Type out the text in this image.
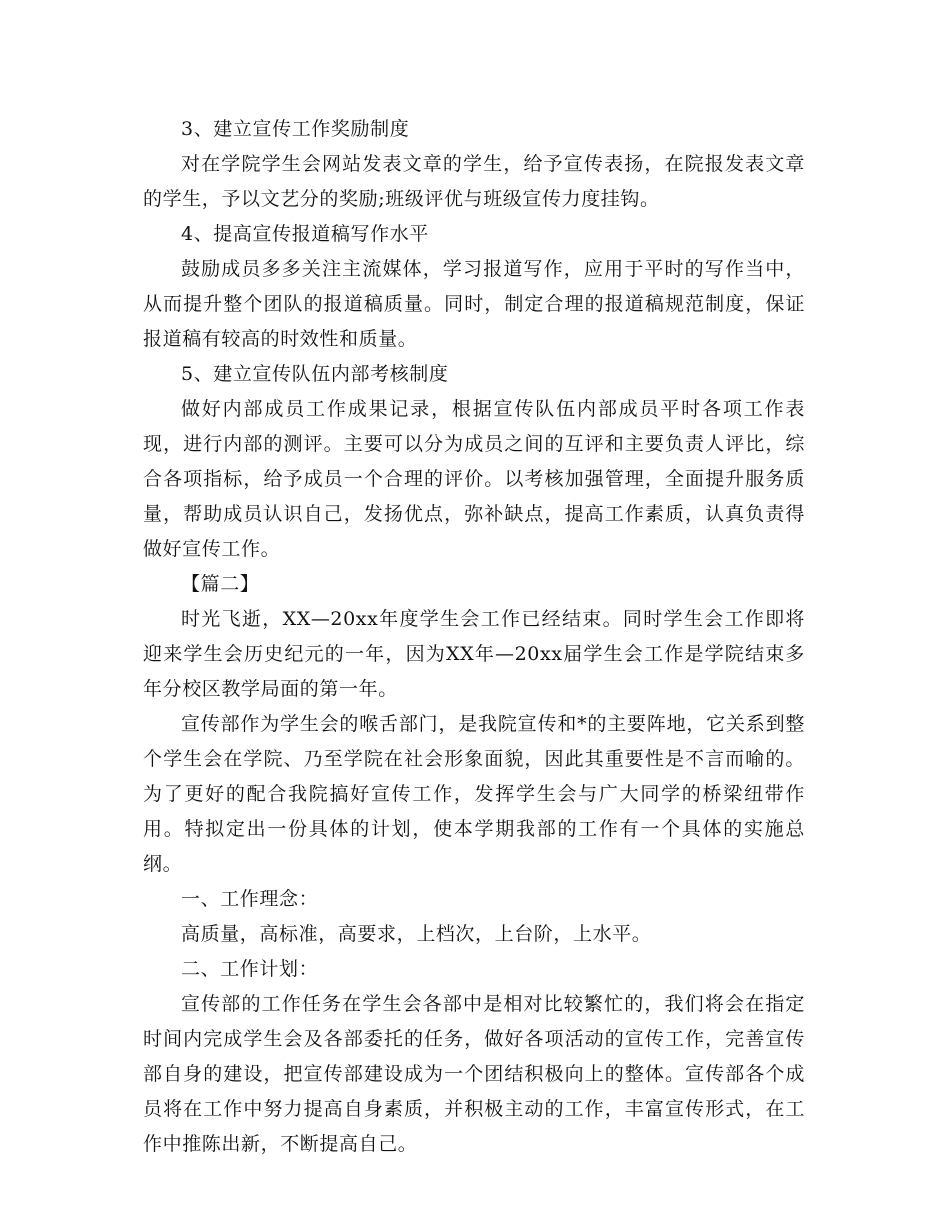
3、建立宣传工作奖励制度

对在学院学生会网站发表文章的学生，给予宣传表扬，在院报发表文章的学生，予以文艺分的奖励;班级评优与班级宣传力度挂钩。

4、提高宣传报道稿写作水平

鼓励成员多多关注主流媒体，学习报道写作，应用于平时的写作当中，从而提升整个团队的报道稿质量。同时，制定合理的报道稿规范制度，保证报道稿有较高的时效性和质量。

5、建立宣传队伍内部考核制度

做好内部成员工作成果记录，根据宣传队伍内部成员平时各项工作表现，进行内部的测评。主要可以分为成员之间的互评和主要负责人评比，综合各项指标，给予成员一个合理的评价。以考核加强管理，全面提升服务质量，帮助成员认识自己，发扬优点，弥补缺点，提高工作素质，认真负责得做好宣传工作。

【篇二】

时光飞逝，XX—20xx年度学生会工作已经结束。同时学生会工作即将迎来学生会历史纪元的一年，因为XX年—20xx届学生会工作是学院结束多年分校区教学局面的第一年。

宣传部作为学生会的喉舌部门，是我院宣传和*的主要阵地，它关系到整个学生会在学院、乃至学院在社会形象面貌，因此其重要性是不言而喻的。为了更好的配合我院搞好宣传工作，发挥学生会与广大同学的桥梁纽带作用。特拟定出一份具体的计划，使本学期我部的工作有一个具体的实施总纲。

一、工作理念：

高质量，高标准，高要求，上档次，上台阶，上水平。

二、工作计划：

宣传部的工作任务在学生会各部中是相对比较繁忙的，我们将会在指定时间内完成学生会及各部委托的任务，做好各项活动的宣传工作，完善宣传部自身的建设，把宣传部建设成为一个团结积极向上的整体。宣传部各个成员将在工作中努力提高自身素质，并积极主动的工作，丰富宣传形式，在工作中推陈出新，不断提高自己。
